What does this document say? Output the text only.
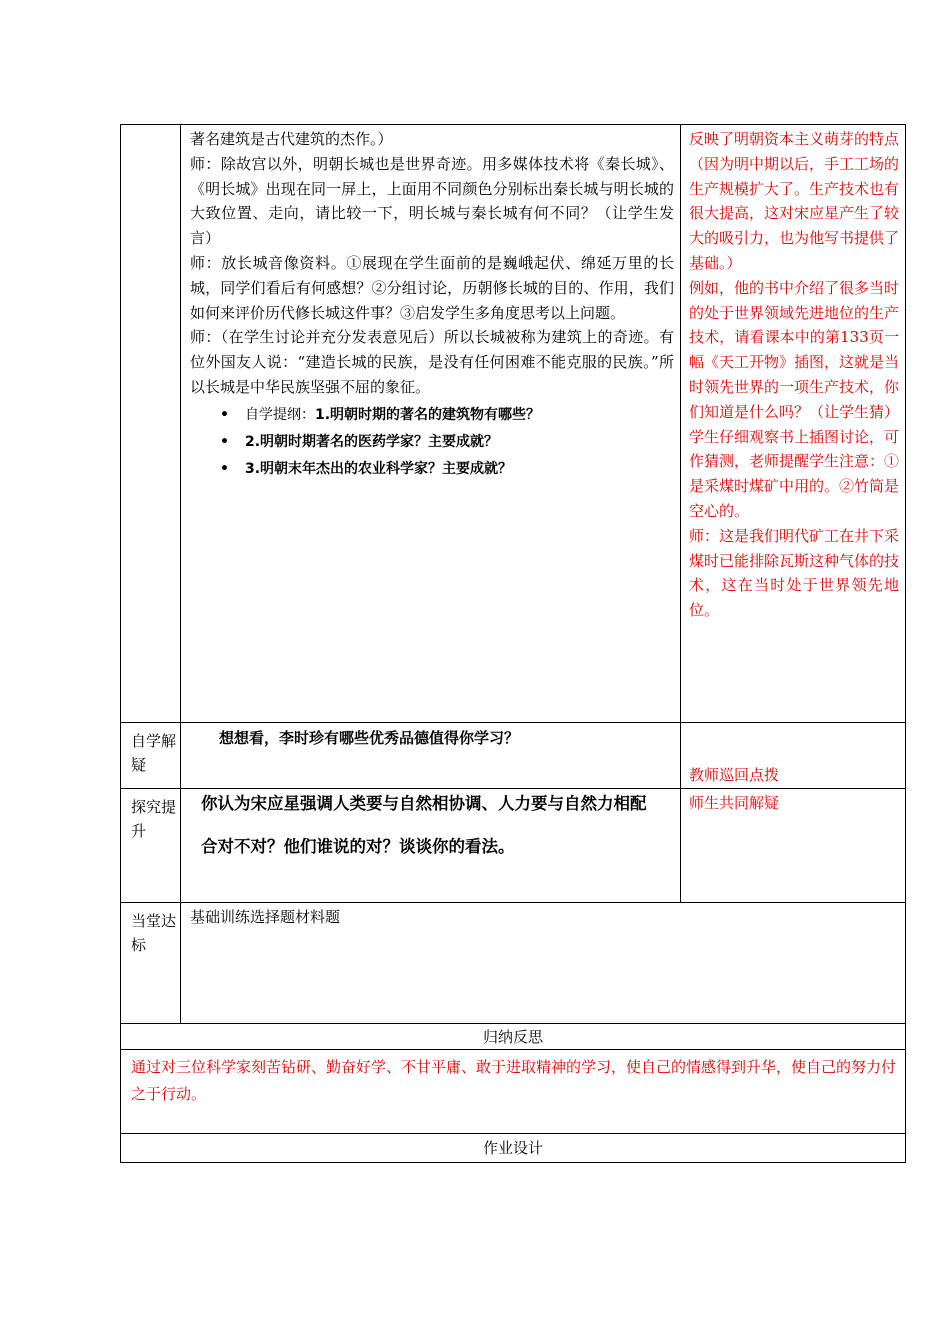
著名建筑是古代建筑的杰作。）

师：除故宫以外，明朝长城也是世界奇迹。用多媒体技术将《秦长城》、《明长城》出现在同一屏上，上面用不同颜色分别标出秦长城与明长城的大致位置、走向，请比较一下，明长城与秦长城有何不同？（让学生发言）

师：放长城音像资料。①展现在学生面前的是巍峨起伏、绵延万里的长城，同学们看后有何感想？②分组讨论，历朝修长城的目的、作用，我们如何来评价历代修长城这件事？③启发学生多角度思考以上问题。

师：（在学生讨论并充分发表意见后）所以长城被称为建筑上的奇迹。有位外国友人说：“建造长城的民族，是没有任何困难不能克服的民族。”所以长城是中华民族坚强不屈的象征。

• 自学提纲：1.明朝时期的著名的建筑物有哪些？
• 2.明朝时期著名的医药学家？主要成就？
• 3.明朝末年杰出的农业科学家？主要成就？

反映了明朝资本主义萌芽的特点（因为明中期以后，手工工场的生产规模扩大了。生产技术也有很大提高，这对宋应星产生了较大的吸引力，也为他写书提供了基础。）

例如，他的书中介绍了很多当时的处于世界领域先进地位的生产技术，请看课本中的第133页一幅《天工开物》插图，这就是当时领先世界的一项生产技术，你们知道是什么吗？（让学生猜）

学生仔细观察书上插图讨论，可作猜测，老师提醒学生注意：①是采煤时煤矿中用的。②竹筒是空心的。

师：这是我们明代矿工在井下采煤时已能排除瓦斯这种气体的技术，这在当时处于世界领先地位。

自学解疑
想想看，李时珍有哪些优秀品德值得你学习？
教师巡回点拨
探究提升
你认为宋应星强调人类要与自然相协调、人力要与自然力相配
合对不对？他们谁说的对？谈谈你的看法。
师生共同解疑
当堂达标
基础训练选择题材料题
归纳反思
通过对三位科学家刻苦钻研、勤奋好学、不甘平庸、敢于进取精神的学习，使自己的情感得到升华，使自己的努力付之于行动。
作业设计
